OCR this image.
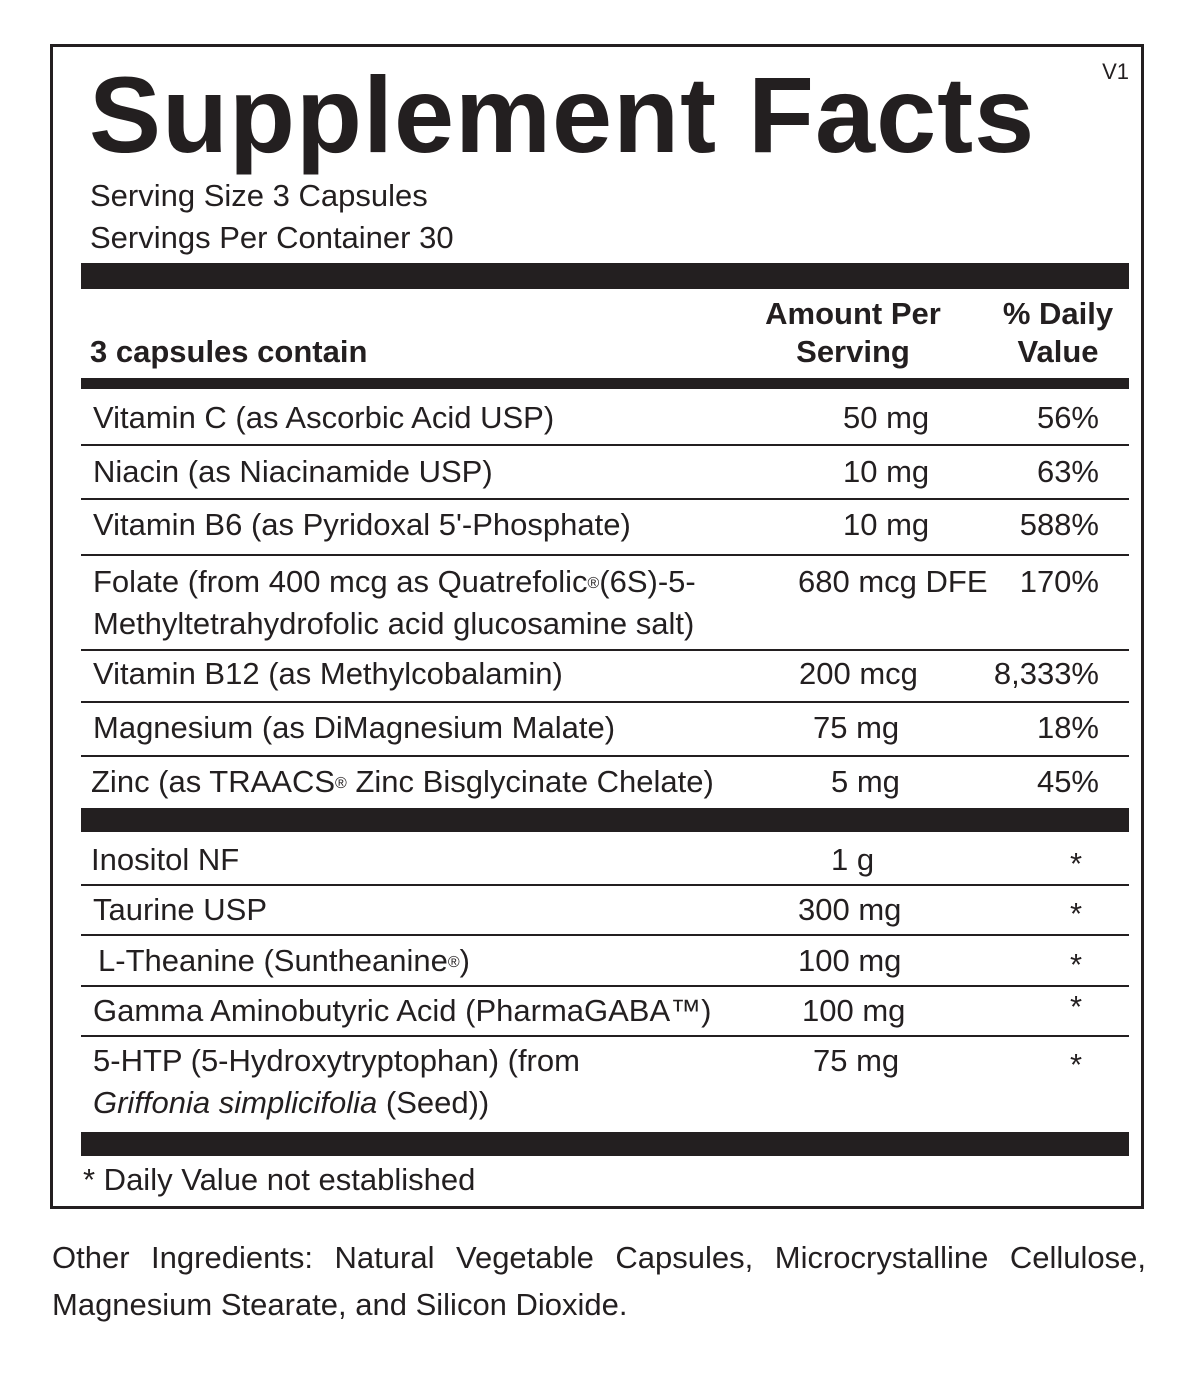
V1
Supplement Facts
Serving Size 3 Capsules
Servings Per Container 30
3 capsules contain
Amount Per
Serving
% Daily
Value
Vitamin C (as Ascorbic Acid USP)	50 mg	56%
Niacin (as Niacinamide USP)	10 mg	63%
Vitamin B6 (as Pyridoxal 5'-Phosphate)	10 mg	588%
Folate (from 400 mcg as Quatrefolic®(6S)-5-
Methyltetrahydrofolic acid glucosamine salt)
680 mcg DFE	170%
Vitamin B12 (as Methylcobalamin)	200 mcg	8,333%
Magnesium (as DiMagnesium Malate)	75 mg	18%
Zinc (as TRAACS® Zinc Bisglycinate Chelate)	5 mg	45%
Inositol NF	1 g	*
Taurine USP	300 mg	*
L-Theanine (Suntheanine®)	100 mg	*
Gamma Aminobutyric Acid (PharmaGABA™)	100 mg	*
5-HTP (5-Hydroxytryptophan) (from
Griffonia simplicifolia (Seed))
75 mg	*
* Daily Value not established
Other Ingredients: Natural Vegetable Capsules, Microcrystalline Cellulose, Magnesium Stearate, and Silicon Dioxide.
